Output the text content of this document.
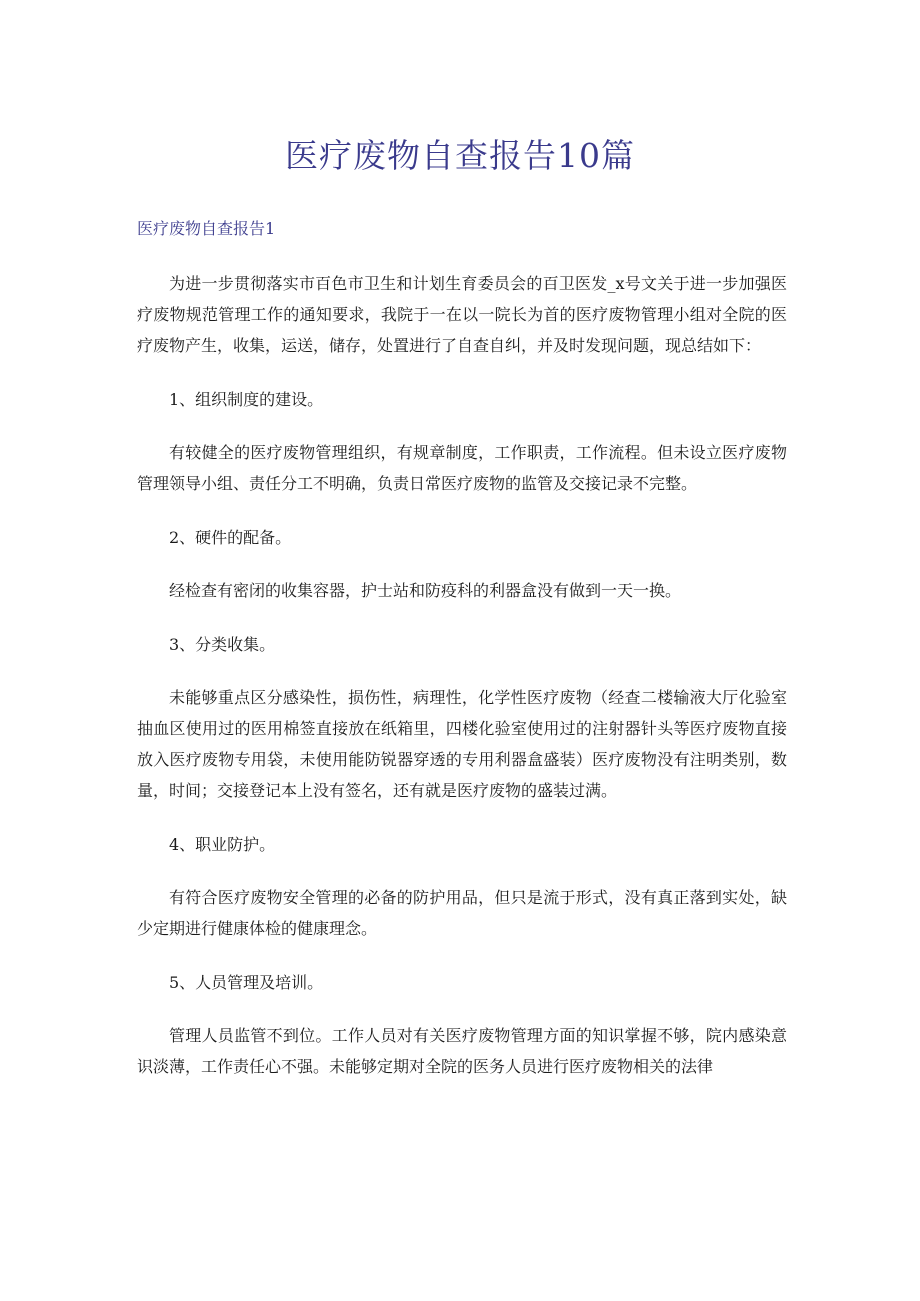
医疗废物自查报告10篇
医疗废物自查报告1

为进一步贯彻落实市百色市卫生和计划生育委员会的百卫医发_x号文关于进一步加强医疗废物规范管理工作的通知要求，我院于一在以一院长为首的医疗废物管理小组对全院的医疗废物产生，收集，运送，储存，处置进行了自查自纠，并及时发现问题，现总结如下：

1、组织制度的建设。

有较健全的医疗废物管理组织，有规章制度，工作职责，工作流程。但未设立医疗废物管理领导小组、责任分工不明确，负责日常医疗废物的监管及交接记录不完整。

2、硬件的配备。

经检查有密闭的收集容器，护士站和防疫科的利器盒没有做到一天一换。

3、分类收集。

未能够重点区分感染性，损伤性，病理性，化学性医疗废物（经查二楼输液大厅化验室抽血区使用过的医用棉签直接放在纸箱里，四楼化验室使用过的注射器针头等医疗废物直接放入医疗废物专用袋，未使用能防锐器穿透的专用利器盒盛装）医疗废物没有注明类别，数量，时间；交接登记本上没有签名，还有就是医疗废物的盛装过满。

4、职业防护。

有符合医疗废物安全管理的必备的防护用品，但只是流于形式，没有真正落到实处，缺少定期进行健康体检的健康理念。

5、人员管理及培训。

管理人员监管不到位。工作人员对有关医疗废物管理方面的知识掌握不够，院内感染意识淡薄，工作责任心不强。未能够定期对全院的医务人员进行医疗废物相关的法律
